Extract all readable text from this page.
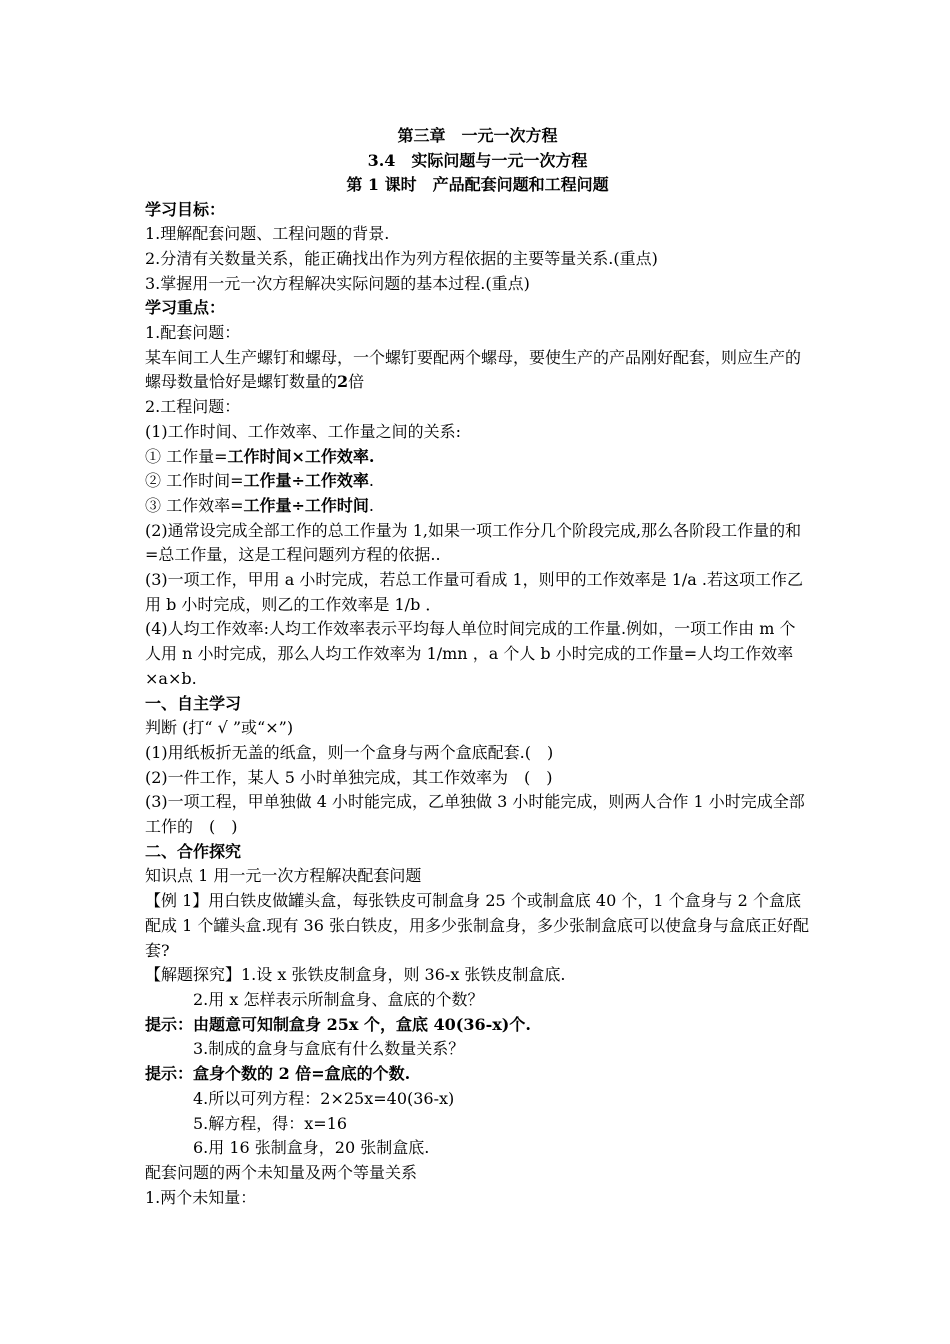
第三章　一元一次方程
3.4　实际问题与一元一次方程
第 1 课时　产品配套问题和工程问题

学习目标：

1.理解配套问题、工程问题的背景.

2.分清有关数量关系，能正确找出作为列方程依据的主要等量关系.(重点)

3.掌握用一元一次方程解决实际问题的基本过程.(重点)

学习重点：

1.配套问题：

某车间工人生产螺钉和螺母，一个螺钉要配两个螺母，要使生产的产品刚好配套，则应生产的螺母数量恰好是螺钉数量的2倍

2.工程问题：

(1)工作时间、工作效率、工作量之间的关系:

① 工作量=工作时间×工作效率.

② 工作时间=工作量÷工作效率.

③ 工作效率=工作量÷工作时间.

(2)通常设完成全部工作的总工作量为 1,如果一项工作分几个阶段完成,那么各阶段工作量的和=总工作量，这是工程问题列方程的依据..

(3)一项工作，甲用 a 小时完成，若总工作量可看成 1，则甲的工作效率是 1/a .若这项工作乙用 b 小时完成，则乙的工作效率是 1/b ．

(4)人均工作效率:人均工作效率表示平均每人单位时间完成的工作量.例如，一项工作由 m 个人用 n 小时完成，那么人均工作效率为 1/mn ，a 个人 b 小时完成的工作量=人均工作效率×a×b.

一、自主学习

判断 (打“ √ ”或“×”)

(1)用纸板折无盖的纸盒，则一个盒身与两个盒底配套.(　)

(2)一件工作，某人 5 小时单独完成，其工作效率为　(　)

(3)一项工程，甲单独做 4 小时能完成，乙单独做 3 小时能完成，则两人合作 1 小时完成全部工作的　(　)

二、合作探究

知识点 1 用一元一次方程解决配套问题

【例 1】用白铁皮做罐头盒，每张铁皮可制盒身 25 个或制盒底 40 个，1 个盒身与 2 个盒底配成 1 个罐头盒.现有 36 张白铁皮，用多少张制盒身，多少张制盒底可以使盒身与盒底正好配套?

【解题探究】1.设 x 张铁皮制盒身，则 36-x 张铁皮制盒底.

2.用 x 怎样表示所制盒身、盒底的个数？

提示：由题意可知制盒身 25x 个，盒底 40(36-x)个.

3.制成的盒身与盒底有什么数量关系？

提示：盒身个数的 2 倍=盒底的个数.

4.所以可列方程：2×25x=40(36-x)

5.解方程，得：x=16

6.用 16 张制盒身，20 张制盒底.

配套问题的两个未知量及两个等量关系

1.两个未知量：
